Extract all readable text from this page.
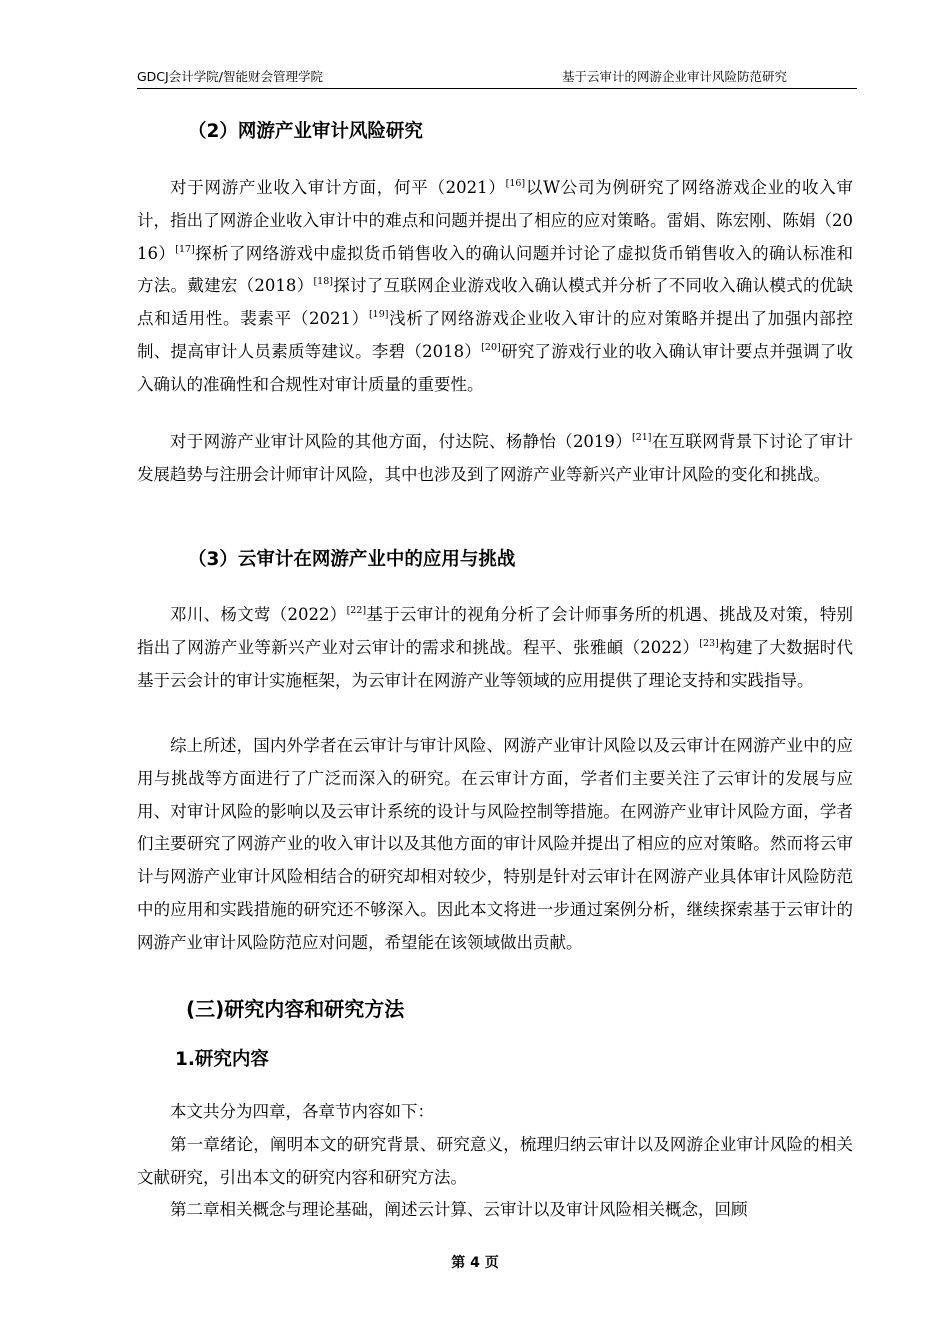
GDCJ会计学院/智能财会管理学院	基于云审计的网游企业审计风险防范研究
（2）网游产业审计风险研究

对于网游产业收入审计方面，何平（2021）[16]以W公司为例研究了网络游戏企业的收入审计，指出了网游企业收入审计中的难点和问题并提出了相应的应对策略。雷娟、陈宏刚、陈娟（2016）[17]探析了网络游戏中虚拟货币销售收入的确认问题并讨论了虚拟货币销售收入的确认标准和方法。戴建宏（2018）[18]探讨了互联网企业游戏收入确认模式并分析了不同收入确认模式的优缺点和适用性。裴素平（2021）[19]浅析了网络游戏企业收入审计的应对策略并提出了加强内部控制、提高审计人员素质等建议。李碧（2018）[20]研究了游戏行业的收入确认审计要点并强调了收入确认的准确性和合规性对审计质量的重要性。

对于网游产业审计风险的其他方面，付达院、杨静怡（2019）[21]在互联网背景下讨论了审计发展趋势与注册会计师审计风险，其中也涉及到了网游产业等新兴产业审计风险的变化和挑战。

（3）云审计在网游产业中的应用与挑战

邓川、杨文莺（2022）[22]基于云审计的视角分析了会计师事务所的机遇、挑战及对策，特别指出了网游产业等新兴产业对云审计的需求和挑战。程平、张雅頔（2022）[23]构建了大数据时代基于云会计的审计实施框架，为云审计在网游产业等领域的应用提供了理论支持和实践指导。

综上所述，国内外学者在云审计与审计风险、网游产业审计风险以及云审计在网游产业中的应用与挑战等方面进行了广泛而深入的研究。在云审计方面，学者们主要关注了云审计的发展与应用、对审计风险的影响以及云审计系统的设计与风险控制等措施。在网游产业审计风险方面，学者们主要研究了网游产业的收入审计以及其他方面的审计风险并提出了相应的应对策略。然而将云审计与网游产业审计风险相结合的研究却相对较少，特别是针对云审计在网游产业具体审计风险防范中的应用和实践措施的研究还不够深入。因此本文将进一步通过案例分析，继续探索基于云审计的网游产业审计风险防范应对问题，希望能在该领域做出贡献。

(三)研究内容和研究方法
1.研究内容

本文共分为四章，各章节内容如下：

第一章绪论，阐明本文的研究背景、研究意义，梳理归纳云审计以及网游企业审计风险的相关文献研究，引出本文的研究内容和研究方法。

第二章相关概念与理论基础，阐述云计算、云审计以及审计风险相关概念，回顾

第 4 页
